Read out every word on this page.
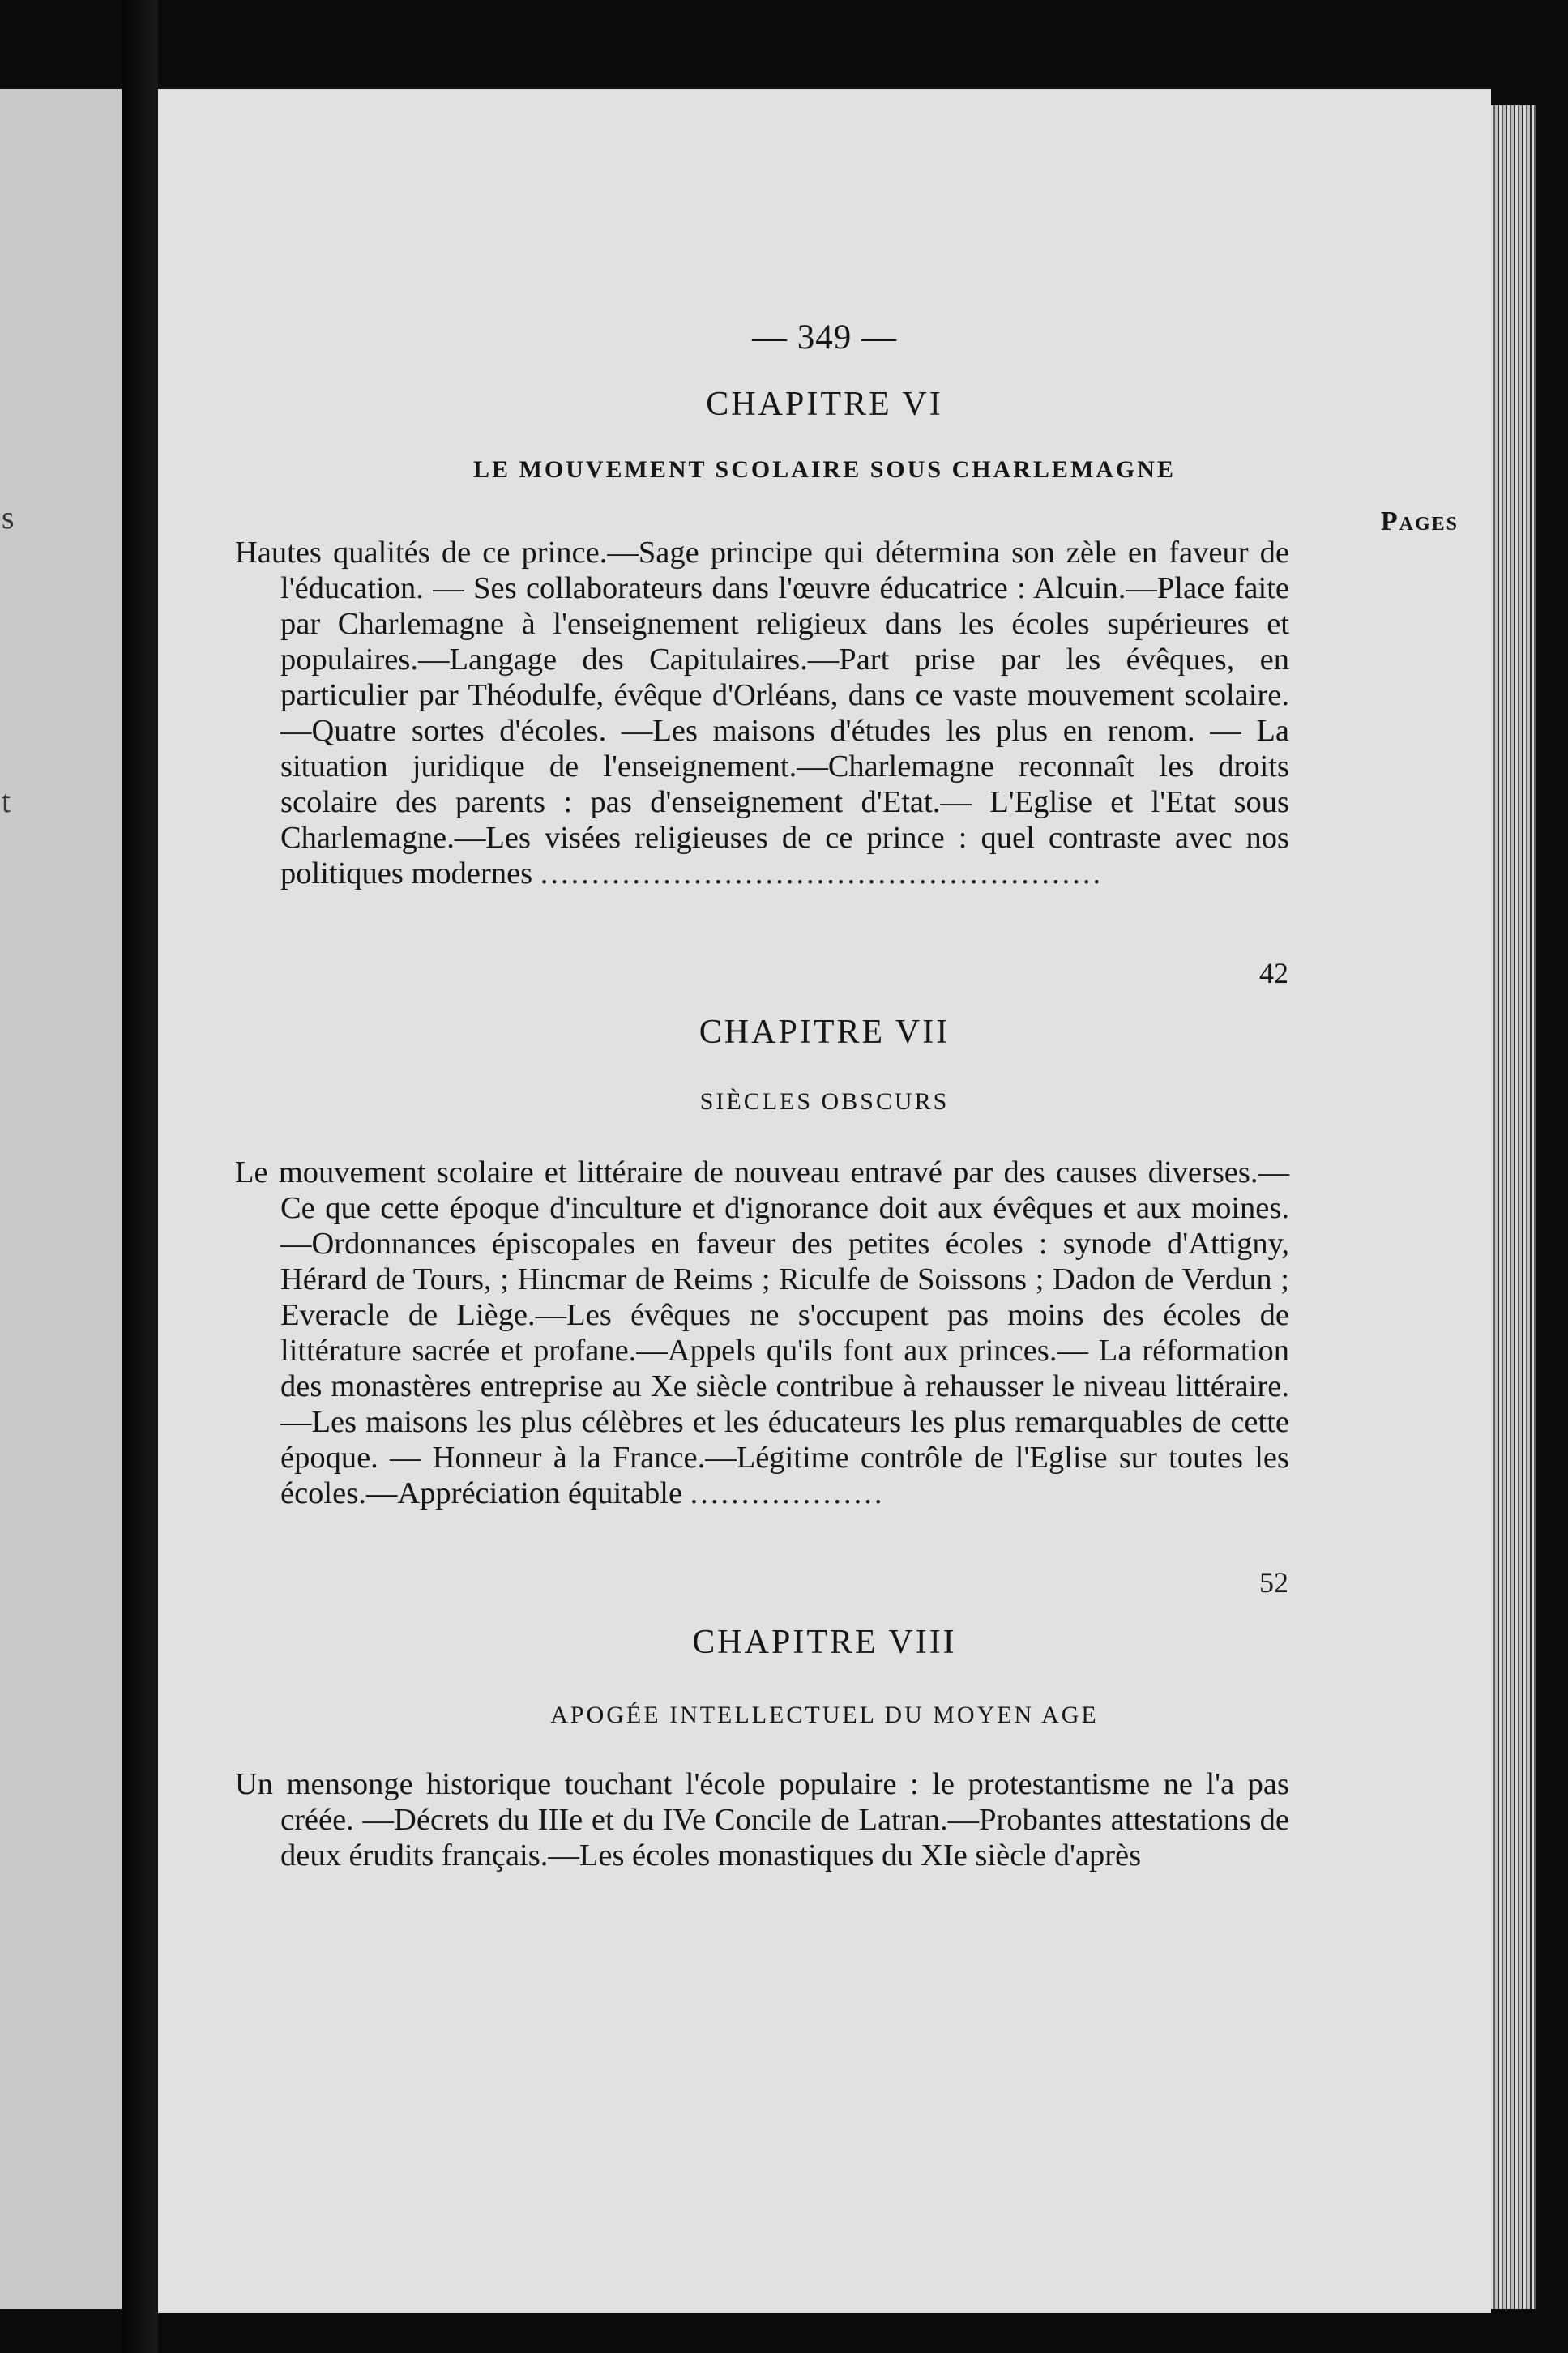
s
t
— 349 —
CHAPITRE VI
LE MOUVEMENT SCOLAIRE SOUS CHARLEMAGNE
Pages
Hautes qualités de ce prince.—Sage principe qui détermina son zèle en faveur de l'éducation. — Ses collaborateurs dans l'œuvre éducatrice : Alcuin.—Place faite par Charlemagne à l'enseignement religieux dans les écoles supérieures et populaires.—Langage des Capitulaires.—Part prise par les évêques, en particulier par Théodulfe, évêque d'Orléans, dans ce vaste mouvement scolaire.—Quatre sortes d'écoles. —Les maisons d'études les plus en renom. — La situation juridique de l'enseignement.—Charlemagne reconnaît les droits scolaire des parents : pas d'enseignement d'Etat.— L'Eglise et l'Etat sous Charlemagne.—Les visées religieuses de ce prince : quel contraste avec nos politiques modernes .......................................................
42
CHAPITRE VII
SIÈCLES OBSCURS
Le mouvement scolaire et littéraire de nouveau entravé par des causes diverses.—Ce que cette époque d'inculture et d'ignorance doit aux évêques et aux moines.—Ordonnances épiscopales en faveur des petites écoles : synode d'Attigny, Hérard de Tours, ; Hincmar de Reims ; Riculfe de Soissons ; Dadon de Verdun ; Everacle de Liège.—Les évêques ne s'occupent pas moins des écoles de littérature sacrée et profane.—Appels qu'ils font aux princes.— La réformation des monastères entreprise au Xe siècle contribue à rehausser le niveau littéraire. —Les maisons les plus célèbres et les éducateurs les plus remarquables de cette époque. — Honneur à la France.—Légitime contrôle de l'Eglise sur toutes les écoles.—Appréciation équitable ...................
52
CHAPITRE VIII
APOGÉE INTELLECTUEL DU MOYEN AGE
Un mensonge historique touchant l'école populaire : le protestantisme ne l'a pas créée. —Décrets du IIIe et du IVe Concile de Latran.—Probantes attestations de deux érudits français.—Les écoles monastiques du XIe siècle d'après
